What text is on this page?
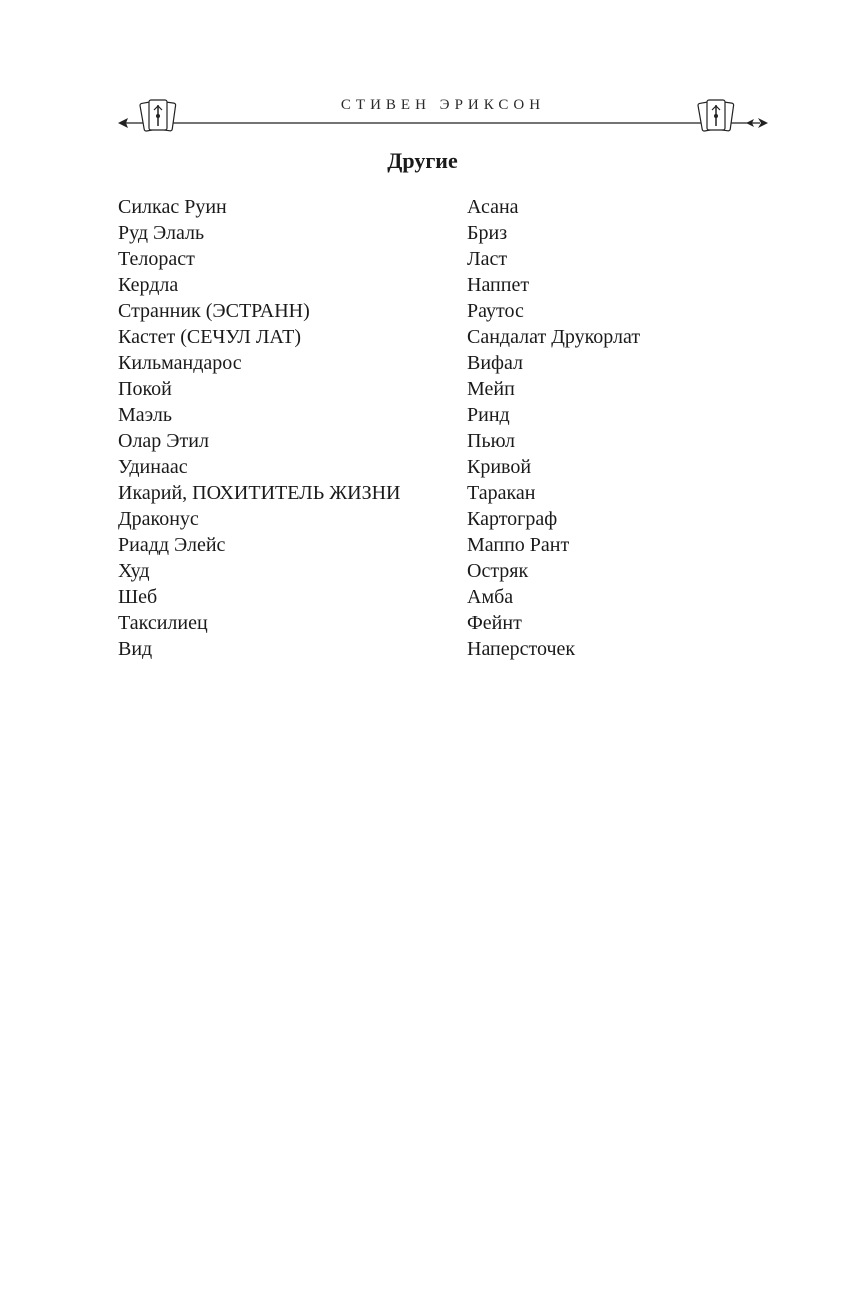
СТИВЕН ЭРИКСОН
Другие
Силкас Руин
Руд Элаль
Телораст
Кердла
Странник (ЭСТРАНН)
Кастет (СЕЧУЛ ЛАТ)
Кильмандарос
Покой
Маэль
Олар Этил
Удинаас
Икарий, ПОХИТИТЕЛЬ ЖИЗНИ
Драконус
Риадд Элейс
Худ
Шеб
Таксилиец
Вид
Асана
Бриз
Ласт
Наппет
Раутос
Сандалат Друкорлат
Вифал
Мейп
Ринд
Пьюл
Кривой
Таракан
Картограф
Маппо Рант
Остряк
Амба
Фейнт
Наперсточек
